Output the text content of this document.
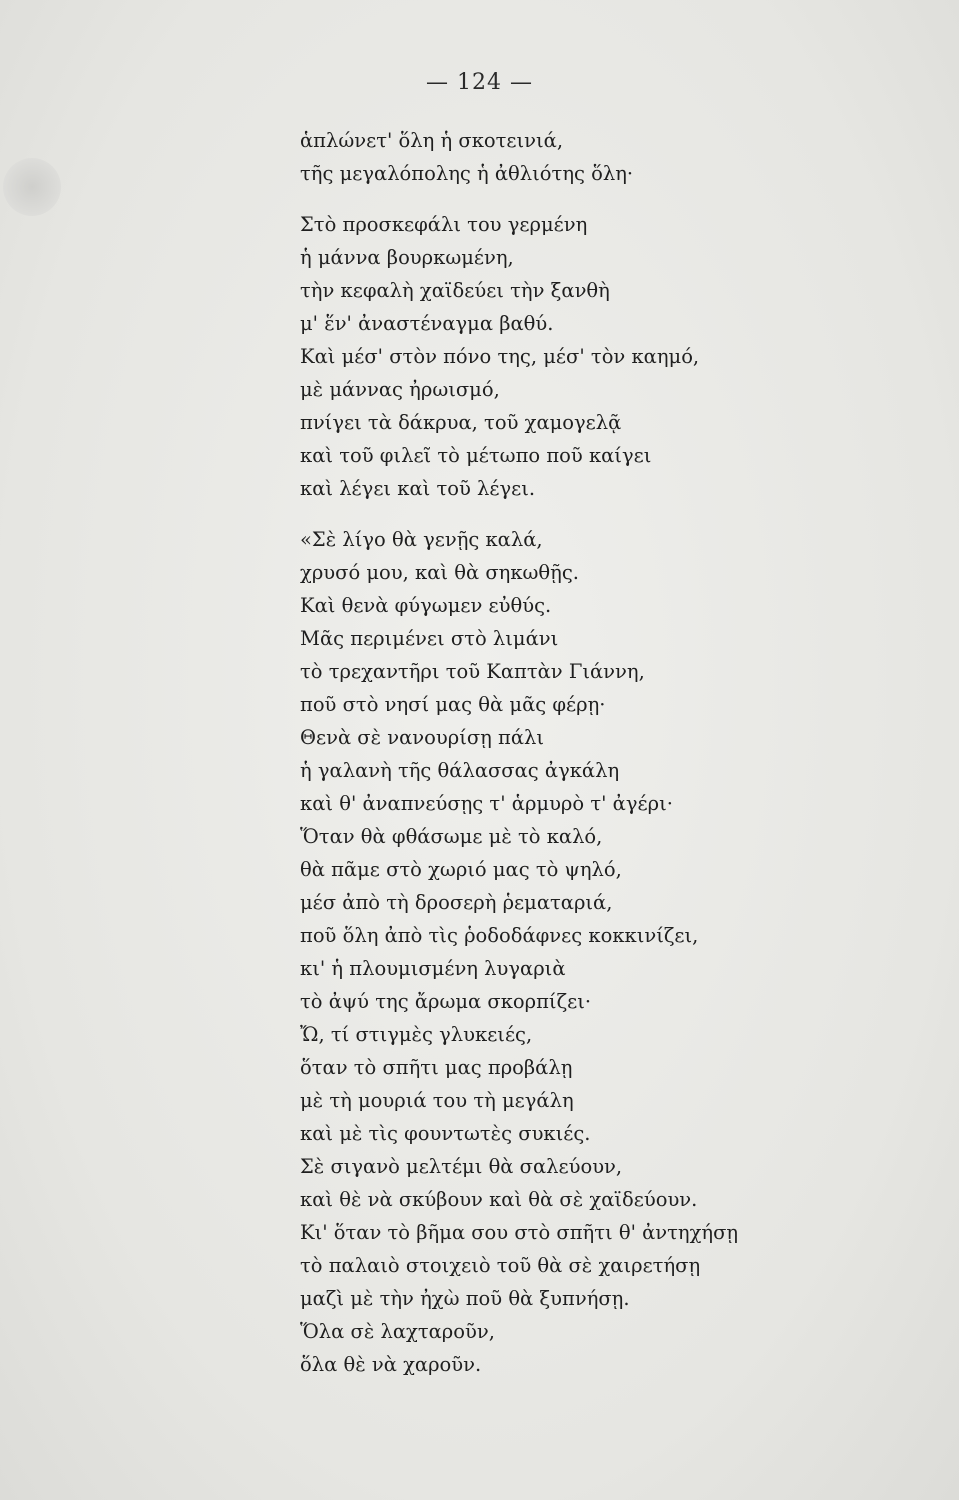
— 124 —
ἁπλώνετ' ὅλη ἡ σκοτεινιά,
τῆς μεγαλόπολης ἡ ἀθλιότης ὅλη·
Στὸ προσκεφάλι του γερμένη
ἡ μάννα βουρκωμένη,
τὴν κεφαλὴ χαϊδεύει τὴν ξανθὴ
μ' ἕν' ἀναστέναγμα βαθύ.
Καὶ μέσ' στὸν πόνο της, μέσ' τὸν καημό,
μὲ μάννας ἠρωισμό,
πνίγει τὰ δάκρυα, τοῦ χαμογελᾷ
καὶ τοῦ φιλεῖ τὸ μέτωπο ποῦ καίγει
καὶ λέγει καὶ τοῦ λέγει.
«Σὲ λίγο θὰ γενῇς καλά,
χρυσό μου, καὶ θὰ σηκωθῇς.
Καὶ θενὰ φύγωμεν εὐθύς.
Μᾶς περιμένει στὸ λιμάνι
τὸ τρεχαντῆρι τοῦ Καπτὰν Γιάννη,
ποῦ στὸ νησί μας θὰ μᾶς φέρῃ·
Θενὰ σὲ νανουρίσῃ πάλι
ἡ γαλανὴ τῆς θάλασσας ἀγκάλη
καὶ θ' ἀναπνεύσῃς τ' ἁρμυρὸ τ' ἀγέρι·
Ὅταν θὰ φθάσωμε μὲ τὸ καλό,
θὰ πᾶμε στὸ χωριό μας τὸ ψηλό,
μέσ ἀπὸ τὴ δροσερὴ ῥεματαριά,
ποῦ ὅλη ἀπὸ τὶς ῥοδοδάφνες κοκκινίζει,
κι' ἡ πλουμισμένη λυγαριὰ
τὸ ἀψύ της ἄρωμα σκορπίζει·
Ὤ, τί στιγμὲς γλυκειές,
ὅταν τὸ σπῆτι μας προβάλῃ
μὲ τὴ μουριά του τὴ μεγάλη
καὶ μὲ τὶς φουντωτὲς συκιές.
Σὲ σιγανὸ μελτέμι θὰ σαλεύουν,
καὶ θὲ νὰ σκύβουν καὶ θὰ σὲ χαϊδεύουν.
Κι' ὅταν τὸ βῆμα σου στὸ σπῆτι θ' ἀντηχήσῃ
τὸ παλαιὸ στοιχειὸ τοῦ θὰ σὲ χαιρετήσῃ
μαζὶ μὲ τὴν ἠχὼ ποῦ θὰ ξυπνήσῃ.
Ὅλα σὲ λαχταροῦν,
ὅλα θὲ νὰ χαροῦν.
